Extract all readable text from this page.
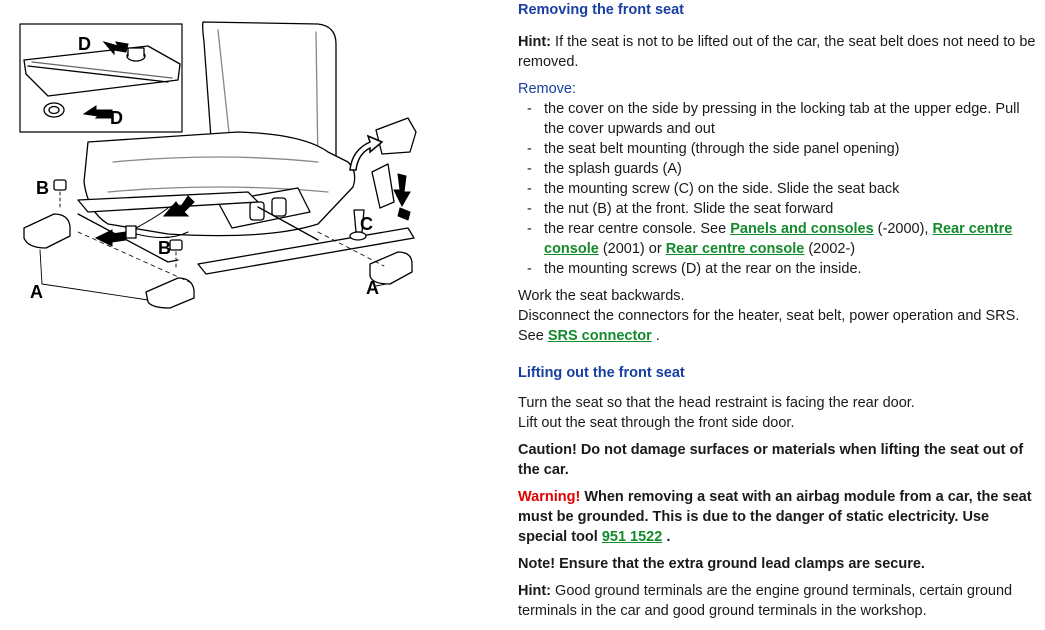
D
D
B
B
C
A	A
Removing the front seat

Hint: If the seat is not to be lifted out of the car, the seat belt does not need to be removed.

Remove:

- the cover on the side by pressing in the locking tab at the upper edge. Pull the cover upwards and out
- the seat belt mounting (through the side panel opening)
- the splash guards (A)
- the mounting screw (C) on the side. Slide the seat back
- the nut (B) at the front. Slide the seat forward
- the rear centre console. See Panels and consoles (-2000), Rear centre console (2001) or Rear centre console (2002-)
- the mounting screws (D) at the rear on the inside.

Work the seat backwards.

Disconnect the connectors for the heater, seat belt, power operation and SRS. See SRS connector .

Lifting out the front seat

Turn the seat so that the head restraint is facing the rear door.

Lift out the seat through the front side door.

Caution! Do not damage surfaces or materials when lifting the seat out of the car.

Warning! When removing a seat with an airbag module from a car, the seat must be grounded. This is due to the danger of static electricity. Use special tool 951 1522 .

Note! Ensure that the extra ground lead clamps are secure.

Hint: Good ground terminals are the engine ground terminals, certain ground terminals in the car and good ground terminals in the workshop.
